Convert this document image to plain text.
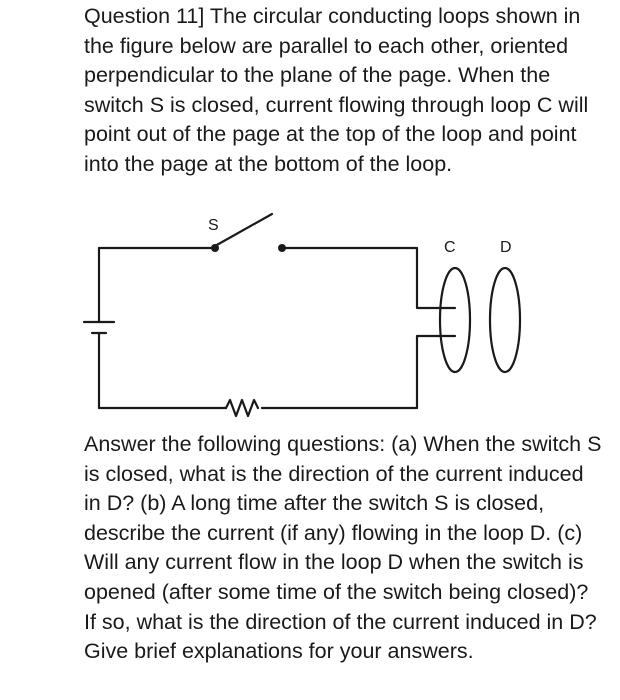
Question 11] The circular conducting loops shown in the figure below are parallel to each other, oriented perpendicular to the plane of the page. When the switch S is closed, current flowing through loop C will point out of the page at the top of the loop and point into the page at the bottom of the loop.

S
C	D

Answer the following questions: (a) When the switch S is closed, what is the direction of the current induced in D? (b) A long time after the switch S is closed, describe the current (if any) flowing in the loop D. (c) Will any current flow in the loop D when the switch is opened (after some time of the switch being closed)? If so, what is the direction of the current induced in D? Give brief explanations for your answers.
